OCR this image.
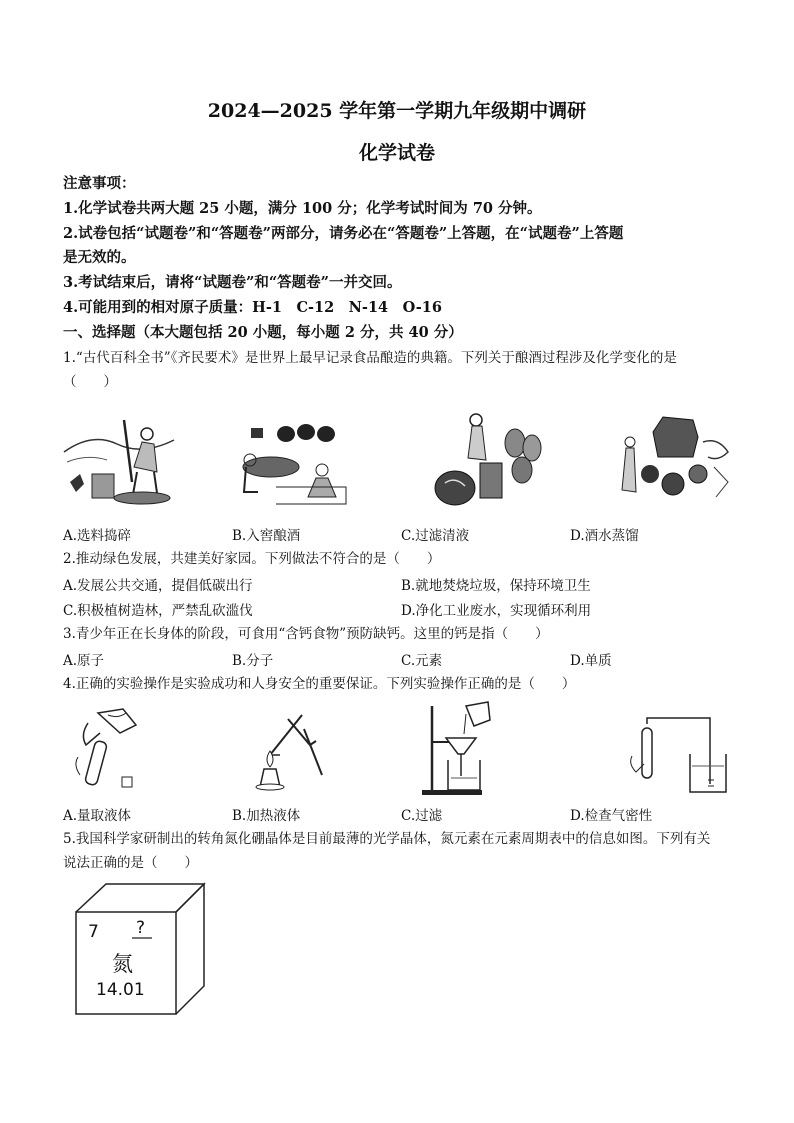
2024—2025 学年第一学期九年级期中调研
化学试卷
注意事项：
1.化学试卷共两大题 25 小题，满分 100 分；化学考试时间为 70 分钟。
2.试卷包括“试题卷”和“答题卷”两部分，请务必在“答题卷”上答题，在“试题卷”上答题
是无效的。
3.考试结束后，请将“试题卷”和“答题卷”一并交回。
4.可能用到的相对原子质量：H-1　C-12　N-14　O-16
一、选择题（本大题包括 20 小题，每小题 2 分，共 40 分）
1.“古代百科全书”《齐民要术》是世界上最早记录食品酿造的典籍。下列关于酿酒过程涉及化学变化的是
（　　）
A.选料捣碎	B.入窖酿酒	C.过滤清液	D.酒水蒸馏
2.推动绿色发展，共建美好家园。下列做法不符合的是（　　）
A.发展公共交通，提倡低碳出行	B.就地焚烧垃圾，保持环境卫生
C.积极植树造林，严禁乱砍滥伐	D.净化工业废水，实现循环利用
3.青少年正在长身体的阶段，可食用“含钙食物”预防缺钙。这里的钙是指（　　）
A.原子	B.分子	C.元素	D.单质
4.正确的实验操作是实验成功和人身安全的重要保证。下列实验操作正确的是（　　）
A.量取液体	B.加热液体	C.过滤	D.检查气密性
5.我国科学家研制出的转角氮化硼晶体是目前最薄的光学晶体，氮元素在元素周期表中的信息如图。下列有关
说法正确的是（　　）
7 ?
氮
14.01
